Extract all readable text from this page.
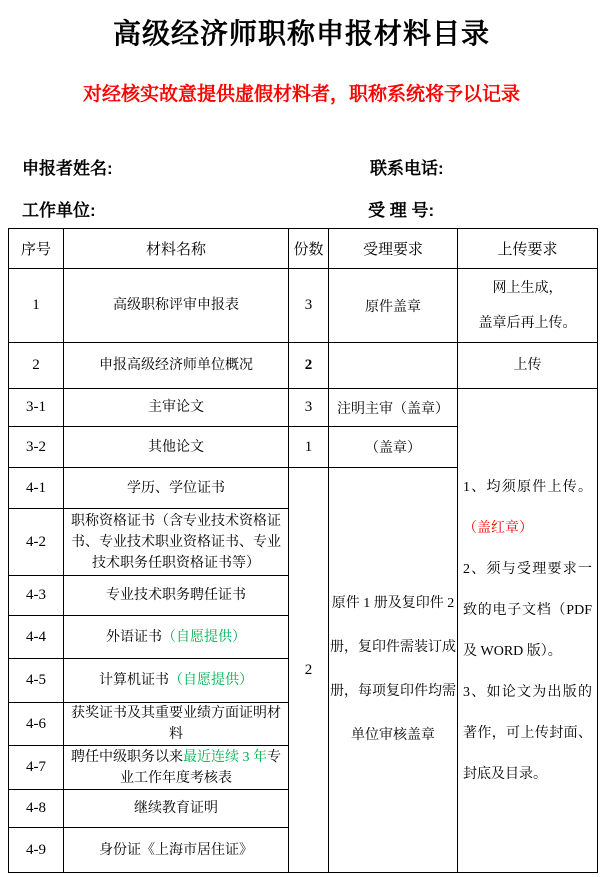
高级经济师职称申报材料目录
对经核实故意提供虚假材料者，职称系统将予以记录
申报者姓名:	联系电话:
工作单位:	受 理 号:
序号	材料名称	份数	受理要求	上传要求
1	高级职称评审申报表	3	原件盖章	网上生成，
盖章后再上传。
2	申报高级经济师单位概况	2		上传
3-1	主审论文	3	注明主审（盖章）	1、均须原件上传。（盖红章）
2、须与受理要求一致的电子文档（PDF 及 WORD 版）。
3、如论文为出版的著作，可上传封面、封底及目录。

3-2	其他论文	1	（盖章）	
4-1	学历、学位证书	2	原件 1 册及复印件 2
册，复印件需装订成
册，每项复印件均需
单位审核盖章	
4-2	职称资格证书（含专业技术资格证书、专业技术职业资格证书、专业技术职务任职资格证书等）			
4-3	专业技术职务聘任证书			
4-4	外语证书（自愿提供）			
4-5	计算机证书（自愿提供）			
4-6	获奖证书及其重要业绩方面证明材料			
4-7	聘任中级职务以来最近连续 3 年专业工作年度考核表			
4-8	继续教育证明			
4-9	身份证《上海市居住证》			
